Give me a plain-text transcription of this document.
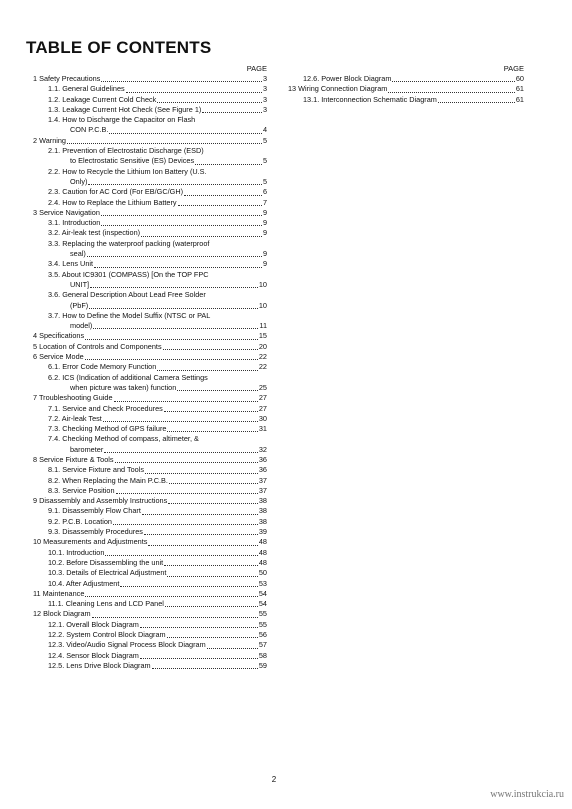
TABLE OF CONTENTS
PAGE
1 Safety Precautions	3
1.1. General Guidelines	3
1.2. Leakage Current Cold Check	3
1.3. Leakage Current Hot Check (See Figure 1)	3
1.4. How to Discharge the Capacitor on Flash
CON P.C.B.	4
2 Warning	5
2.1. Prevention of Electrostatic Discharge (ESD)
to Electrostatic Sensitive (ES) Devices	5
2.2. How to Recycle the Lithium Ion Battery (U.S.
Only)	5
2.3. Caution for AC Cord (For EB/GC/GH)	6
2.4. How to Replace the Lithium Battery	7
3 Service Navigation	9
3.1. Introduction	9
3.2. Air-leak test (inspection)	9
3.3. Replacing the waterproof packing (waterproof
seal)	9
3.4. Lens Unit	9
3.5. About IC9301 (COMPASS) [On the TOP FPC
UNIT]	10
3.6. General Description About Lead Free Solder
(PbF)	10
3.7. How to Define the Model Suffix (NTSC or PAL
model)	11
4 Specifications	15
5 Location of Controls and Components	20
6 Service Mode	22
6.1. Error Code Memory Function	22
6.2. ICS (Indication of additional Camera Settings
when picture was taken) function	25
7 Troubleshooting Guide	27
7.1. Service and Check Procedures	27
7.2. Air-leak Test	30
7.3. Checking Method of GPS failure	31
7.4. Checking Method of compass, altimeter, &
barometer	32
8 Service Fixture & Tools	36
8.1. Service Fixture and Tools	36
8.2. When Replacing the Main P.C.B.	37
8.3. Service Position	37
9 Disassembly and Assembly Instructions	38
9.1. Disassembly Flow Chart	38
9.2. P.C.B. Location	38
9.3. Disassembly Procedures	39
10 Measurements and Adjustments	48
10.1. Introduction	48
10.2. Before Disassembling the unit	48
10.3. Details of Electrical Adjustment	50
10.4. After Adjustment	53
11 Maintenance	54
11.1. Cleaning Lens and LCD Panel	54
12 Block Diagram	55
12.1. Overall Block Diagram	55
12.2. System Control Block Diagram	56
12.3. Video/Audio Signal Process Block Diagram	57
12.4. Sensor Block Diagram	58
12.5. Lens Drive Block Diagram	59
PAGE
12.6. Power Block Diagram	60
13 Wiring Connection Diagram	61
13.1. Interconnection Schematic Diagram	61
2
www.instrukcia.ru
